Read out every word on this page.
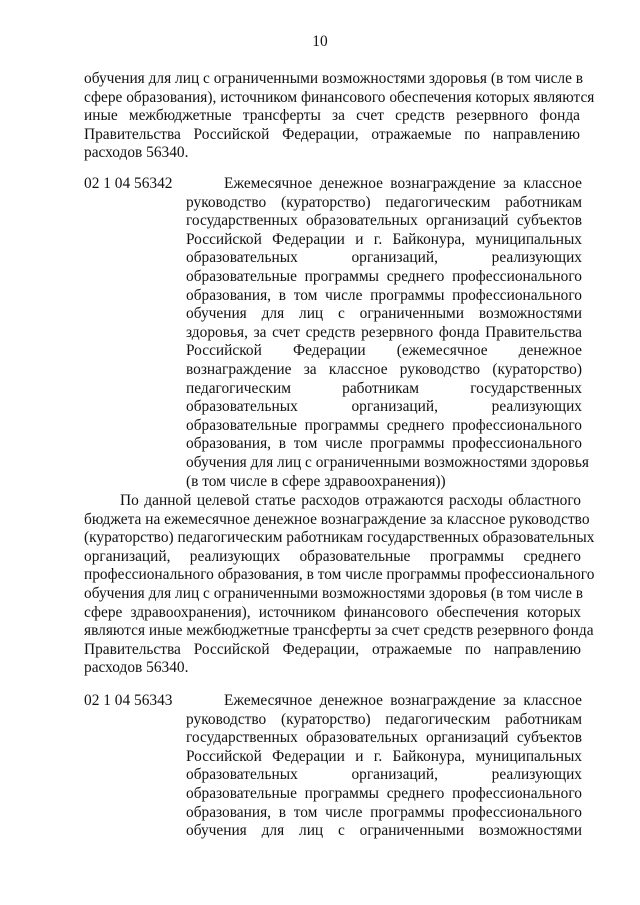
10
обучения для лиц с ограниченными возможностями здоровья (в том числе в
сфере образования), источником финансового обеспечения которых являются
иные межбюджетные трансферты за счет средств резервного фонда
Правительства Российской Федерации, отражаемые по направлению
расходов 56340.
02 1 04 56342	Ежемесячное денежное вознаграждение за классное
руководство (кураторство) педагогическим работникам
государственных образовательных организаций субъектов
Российской Федерации и г. Байконура, муниципальных
образовательных организаций, реализующих
образовательные программы среднего профессионального
образования, в том числе программы профессионального
обучения для лиц с ограниченными возможностями
здоровья, за счет средств резервного фонда Правительства
Российской Федерации (ежемесячное денежное
вознаграждение за классное руководство (кураторство)
педагогическим работникам государственных
образовательных организаций, реализующих
образовательные программы среднего профессионального
образования, в том числе программы профессионального
обучения для лиц с ограниченными возможностями здоровья
(в том числе в сфере здравоохранения))
По данной целевой статье расходов отражаются расходы областного
бюджета на ежемесячное денежное вознаграждение за классное руководство
(кураторство) педагогическим работникам государственных образовательных
организаций, реализующих образовательные программы среднего
профессионального образования, в том числе программы профессионального
обучения для лиц с ограниченными возможностями здоровья (в том числе в
сфере здравоохранения), источником финансового обеспечения которых
являются иные межбюджетные трансферты за счет средств резервного фонда
Правительства Российской Федерации, отражаемые по направлению
расходов 56340.
02 1 04 56343	Ежемесячное денежное вознаграждение за классное
руководство (кураторство) педагогическим работникам
государственных образовательных организаций субъектов
Российской Федерации и г. Байконура, муниципальных
образовательных организаций, реализующих
образовательные программы среднего профессионального
образования, в том числе программы профессионального
обучения для лиц с ограниченными возможностями
